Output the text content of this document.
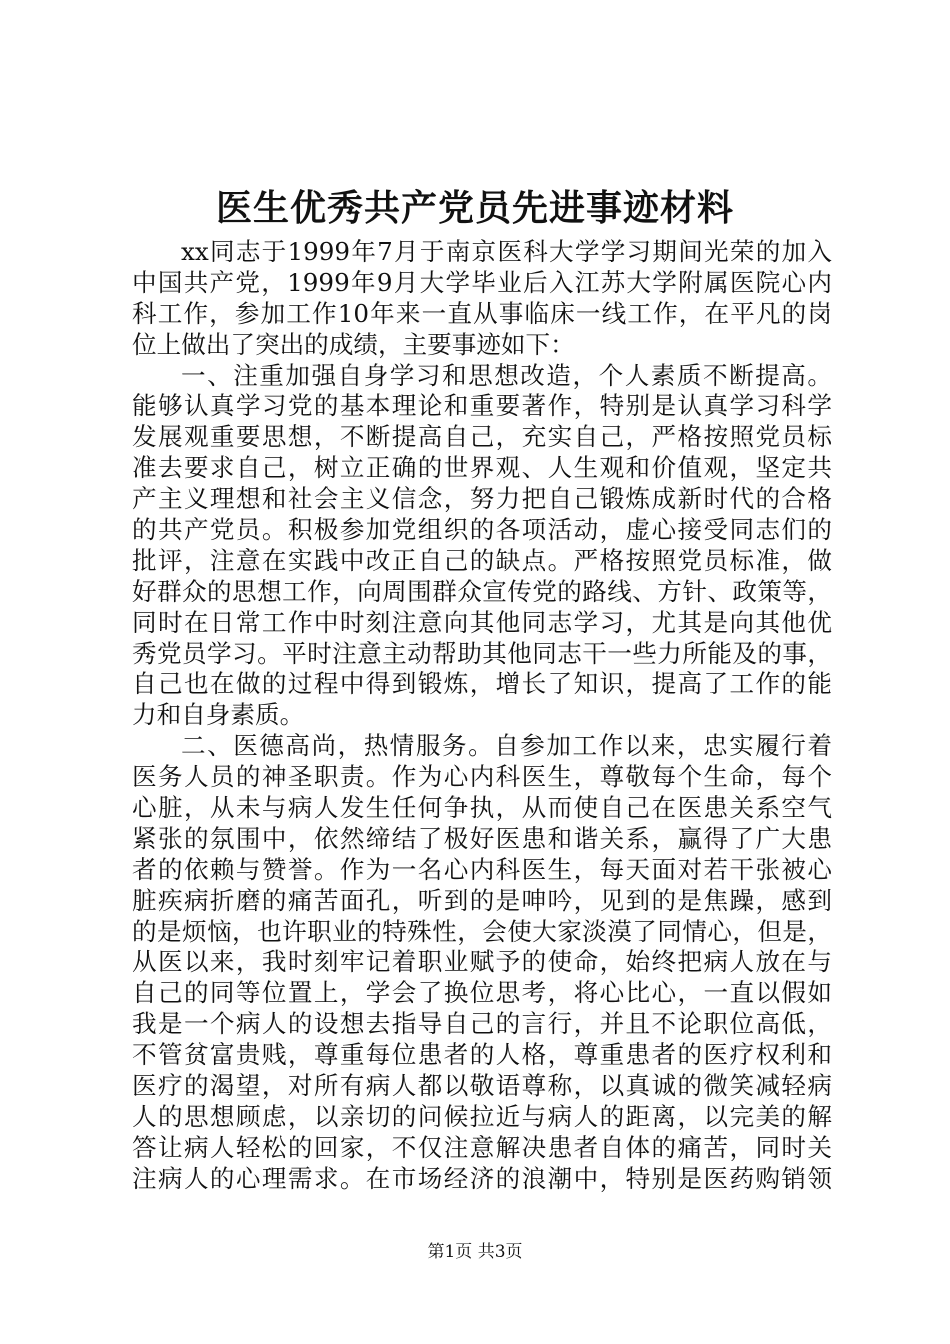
医生优秀共产党员先进事迹材料
xx同志于1999年7月于南京医科大学学习期间光荣的加入
中国共产党，1999年9月大学毕业后入江苏大学附属医院心内
科工作，参加工作10年来一直从事临床一线工作，在平凡的岗
位上做出了突出的成绩，主要事迹如下：
一、注重加强自身学习和思想改造，个人素质不断提高。
能够认真学习党的基本理论和重要著作，特别是认真学习科学
发展观重要思想，不断提高自己，充实自己，严格按照党员标
准去要求自己，树立正确的世界观、人生观和价值观，坚定共
产主义理想和社会主义信念，努力把自己锻炼成新时代的合格
的共产党员。积极参加党组织的各项活动，虚心接受同志们的
批评，注意在实践中改正自己的缺点。严格按照党员标准，做
好群众的思想工作，向周围群众宣传党的路线、方针、政策等，
同时在日常工作中时刻注意向其他同志学习，尤其是向其他优
秀党员学习。平时注意主动帮助其他同志干一些力所能及的事，
自己也在做的过程中得到锻炼，增长了知识，提高了工作的能
力和自身素质。
二、医德高尚，热情服务。自参加工作以来，忠实履行着
医务人员的神圣职责。作为心内科医生，尊敬每个生命，每个
心脏，从未与病人发生任何争执，从而使自己在医患关系空气
紧张的氛围中，依然缔结了极好医患和谐关系，赢得了广大患
者的依赖与赞誉。作为一名心内科医生，每天面对若干张被心
脏疾病折磨的痛苦面孔，听到的是呻吟，见到的是焦躁，感到
的是烦恼，也许职业的特殊性，会使大家淡漠了同情心，但是，
从医以来，我时刻牢记着职业赋予的使命，始终把病人放在与
自己的同等位置上，学会了换位思考，将心比心，一直以假如
我是一个病人的设想去指导自己的言行，并且不论职位高低，
不管贫富贵贱，尊重每位患者的人格，尊重患者的医疗权利和
医疗的渴望，对所有病人都以敬语尊称，以真诚的微笑减轻病
人的思想顾虑，以亲切的问候拉近与病人的距离，以完美的解
答让病人轻松的回家，不仅注意解决患者自体的痛苦，同时关
注病人的心理需求。在市场经济的浪潮中，特别是医药购销领
第1页 共3页
